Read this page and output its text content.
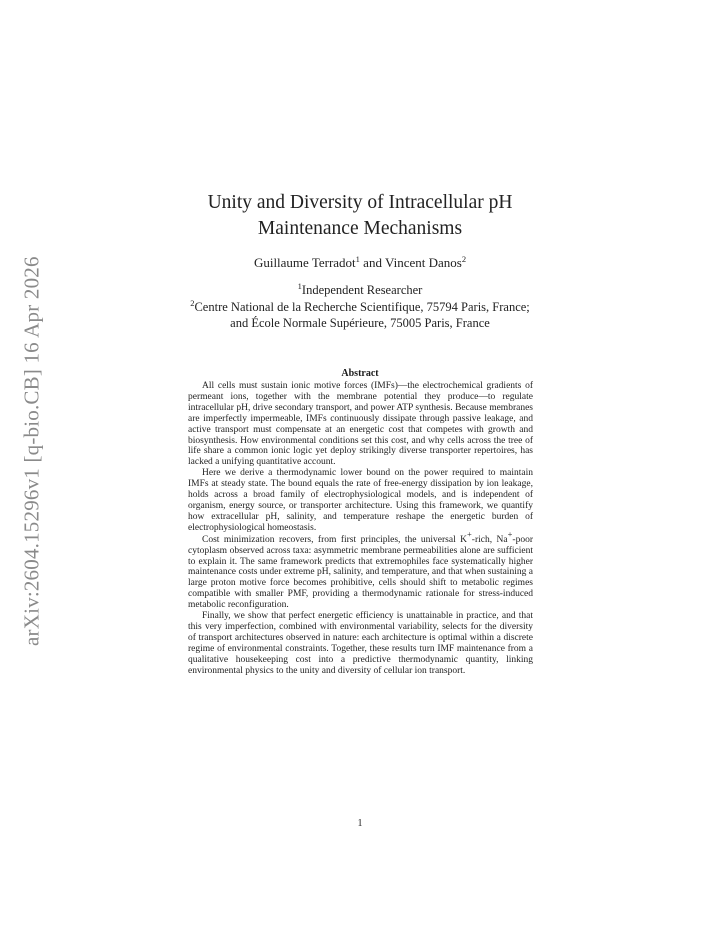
arXiv:2604.15296v1 [q-bio.CB] 16 Apr 2026
Unity and Diversity of Intracellular pH
Maintenance Mechanisms
Guillaume Terradot$^1$ and Vincent Danos$^2$
$^1$Independent Researcher
$^2$Centre National de la Recherche Scientifique, 75794 Paris, France;
and École Normale Supérieure, 75005 Paris, France
Abstract

All cells must sustain ionic motive forces (IMFs)—the electrochemical gradients of permeant ions, together with the membrane potential they produce—to regulate intracellular pH, drive secondary transport, and power ATP synthesis. Because membranes are imperfectly impermeable, IMFs continuously dissipate through passive leakage, and active transport must compensate at an energetic cost that competes with growth and biosynthesis. How environmental conditions set this cost, and why cells across the tree of life share a common ionic logic yet deploy strikingly diverse transporter repertoires, has lacked a unifying quantitative account.

Here we derive a thermodynamic lower bound on the power required to maintain IMFs at steady state. The bound equals the rate of free-energy dissipation by ion leakage, holds across a broad family of electrophysiological models, and is independent of organism, energy source, or transporter architecture. Using this framework, we quantify how extracellular pH, salinity, and temperature reshape the energetic burden of electrophysiological homeostasis.

Cost minimization recovers, from first principles, the universal K+-rich, Na+-poor cytoplasm observed across taxa: asymmetric membrane permeabilities alone are sufficient to explain it. The same framework predicts that extremophiles face systematically higher maintenance costs under extreme pH, salinity, and temperature, and that when sustaining a large proton motive force becomes prohibitive, cells should shift to metabolic regimes compatible with smaller PMF, providing a thermodynamic rationale for stress-induced metabolic reconfiguration.

Finally, we show that perfect energetic efficiency is unattainable in practice, and that this very imperfection, combined with environmental variability, selects for the diversity of transport architectures observed in nature: each architecture is optimal within a discrete regime of environmental constraints. Together, these results turn IMF maintenance from a qualitative housekeeping cost into a predictive thermodynamic quantity, linking environmental physics to the unity and diversity of cellular ion transport.

1
